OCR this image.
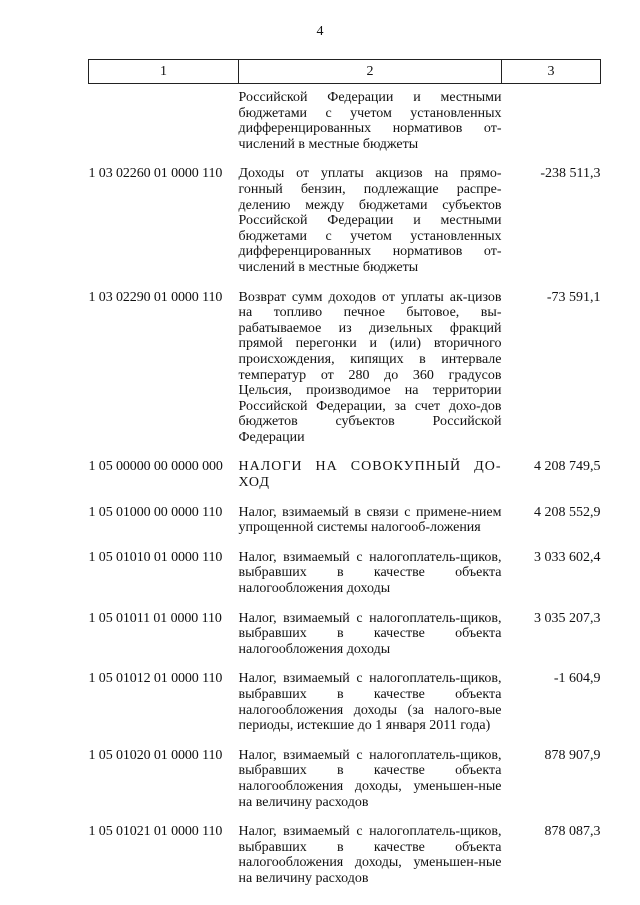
4
1	2	3
	Российской Федерации и местными бюджетами с учетом установленных дифференцированных нормативов от-числений в местные бюджеты	
1 03 02260 01 0000 110	Доходы от уплаты акцизов на прямо-гонный бензин, подлежащие распре-делению между бюджетами субъектов Российской Федерации и местными бюджетами с учетом установленных дифференцированных нормативов от-числений в местные бюджеты	-238 511,3
1 03 02290 01 0000 110	Возврат сумм доходов от уплаты ак-цизов на топливо печное бытовое, вы-рабатываемое из дизельных фракций прямой перегонки и (или) вторичного происхождения, кипящих в интервале температур от 280 до 360 градусов Цельсия, производимое на территории Российской Федерации, за счет дохо-дов бюджетов субъектов Российской Федерации	-73 591,1
1 05 00000 00 0000 000	НАЛОГИ НА СОВОКУПНЫЙ ДО-ХОД	4 208 749,5
1 05 01000 00 0000 110	Налог, взимаемый в связи с примене-нием упрощенной системы налогооб-ложения	4 208 552,9
1 05 01010 01 0000 110	Налог, взимаемый с налогоплатель-щиков, выбравших в качестве объекта налогообложения доходы	3 033 602,4
1 05 01011 01 0000 110	Налог, взимаемый с налогоплатель-щиков, выбравших в качестве объекта налогообложения доходы	3 035 207,3
1 05 01012 01 0000 110	Налог, взимаемый с налогоплатель-щиков, выбравших в качестве объекта налогообложения доходы (за налого-вые периоды, истекшие до 1 января 2011 года)	-1 604,9
1 05 01020 01 0000 110	Налог, взимаемый с налогоплатель-щиков, выбравших в качестве объекта налогообложения доходы, уменьшен-ные на величину расходов	878 907,9
1 05 01021 01 0000 110	Налог, взимаемый с налогоплатель-щиков, выбравших в качестве объекта налогообложения доходы, уменьшен-ные на величину расходов	878 087,3
